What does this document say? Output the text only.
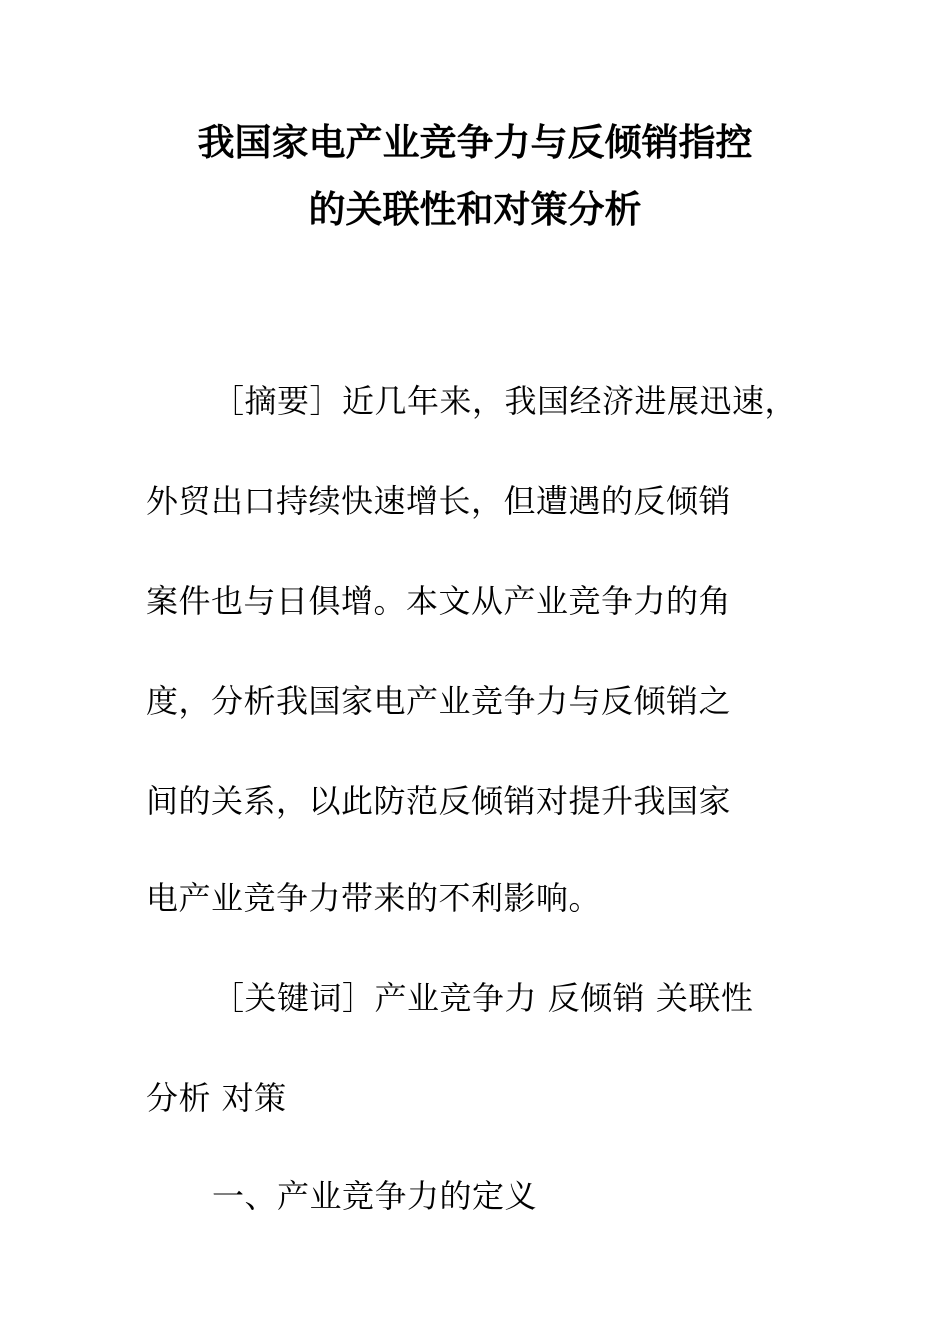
我国家电产业竞争力与反倾销指控
的关联性和对策分析
［摘要］近几年来，我国经济进展迅速，
外贸出口持续快速增长，但遭遇的反倾销
案件也与日俱增。本文从产业竞争力的角
度，分析我国家电产业竞争力与反倾销之
间的关系，以此防范反倾销对提升我国家
电产业竞争力带来的不利影响。
［关键词］产业竞争力 反倾销 关联性
分析 对策
一、产业竞争力的定义
